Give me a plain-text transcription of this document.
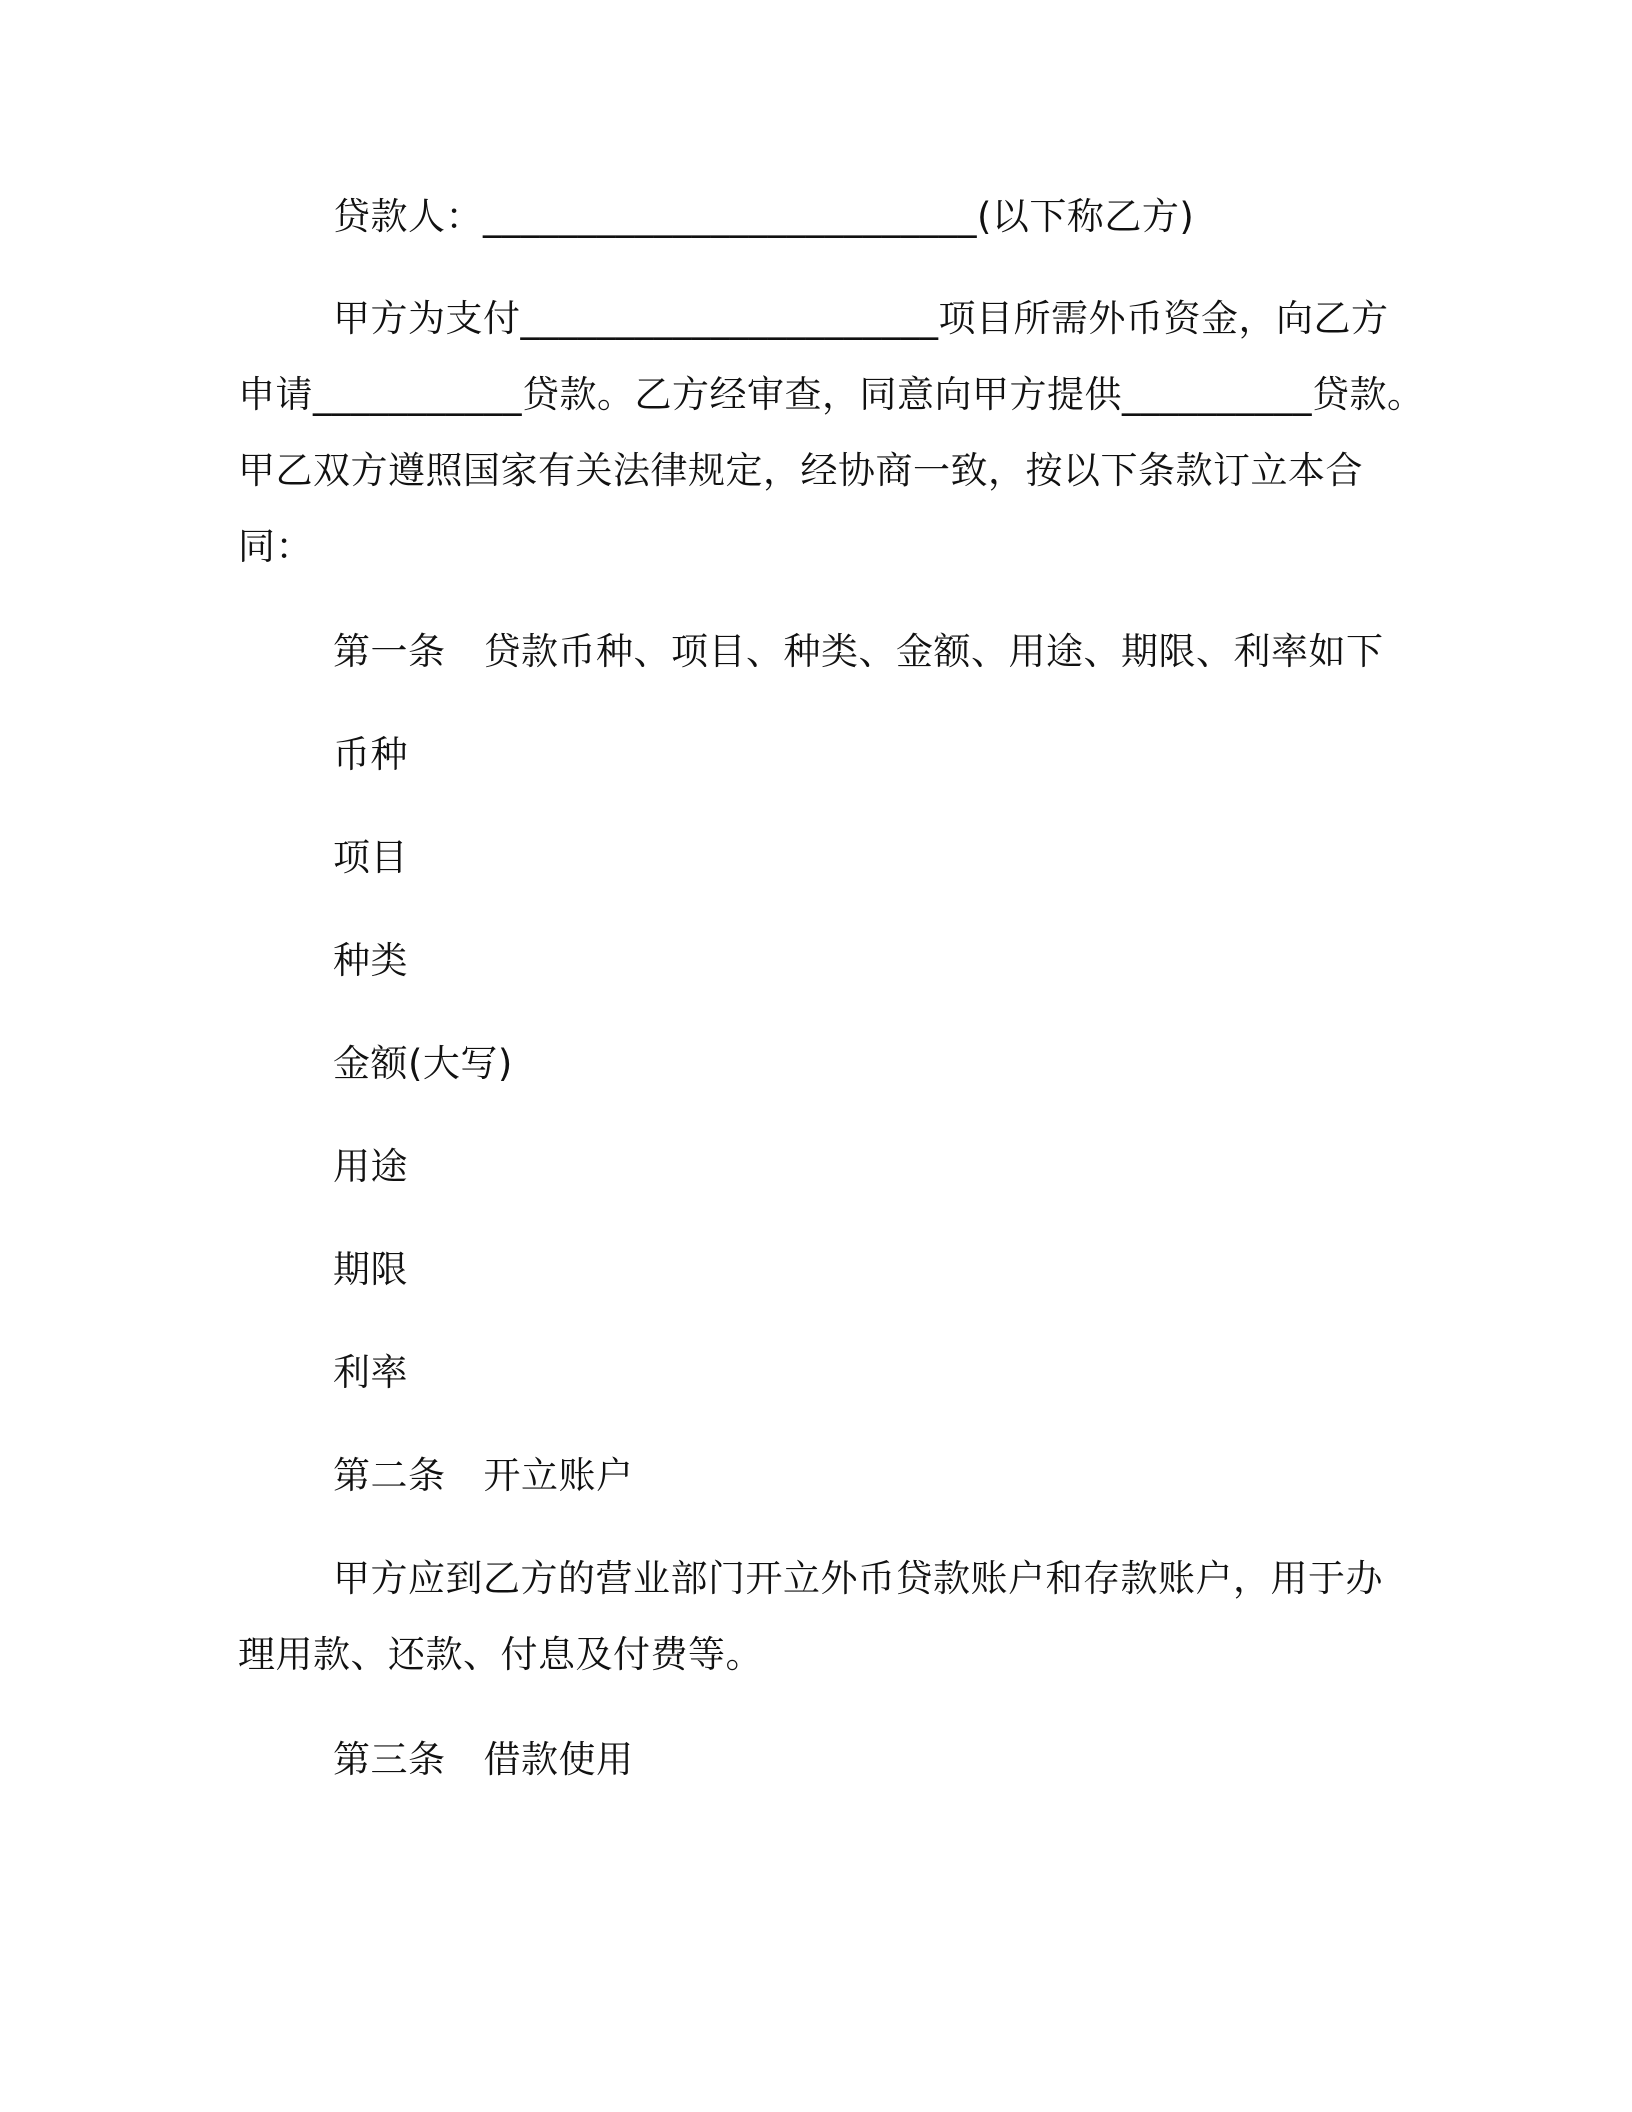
贷款人：__________________________(以下称乙方)
甲方为支付______________________项目所需外币资金，向乙方
申请___________贷款。乙方经审查，同意向甲方提供__________贷款。
甲乙双方遵照国家有关法律规定，经协商一致，按以下条款订立本合
同：
第一条 贷款币种、项目、种类、金额、用途、期限、利率如下
币种
项目
种类
金额(大写)
用途
期限
利率
第二条 开立账户
甲方应到乙方的营业部门开立外币贷款账户和存款账户，用于办
理用款、还款、付息及付费等。
第三条 借款使用
